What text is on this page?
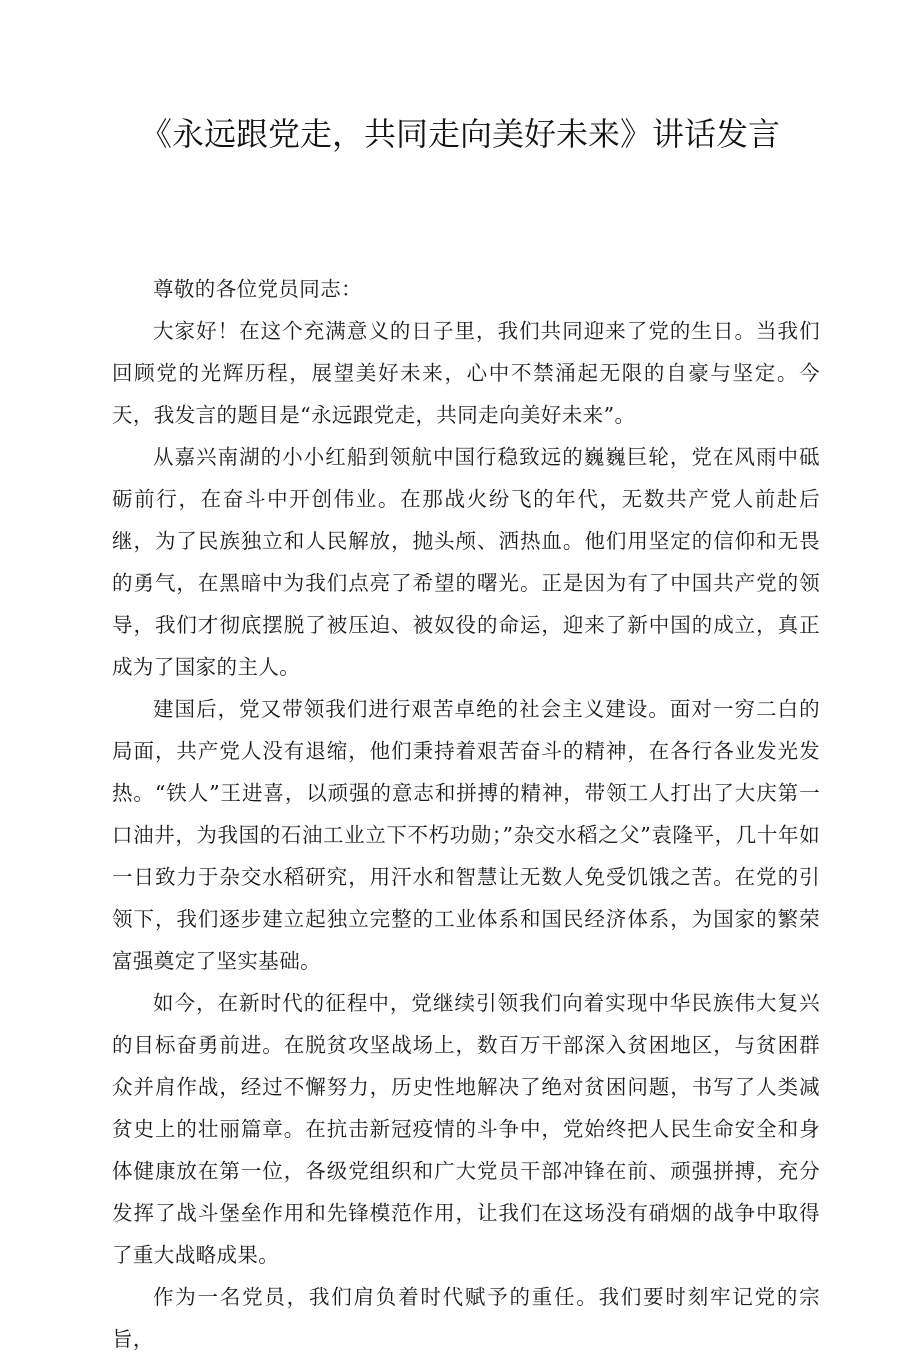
《永远跟党走，共同走向美好未来》讲话发言

尊敬的各位党员同志：

大家好！在这个充满意义的日子里，我们共同迎来了党的生日。当我们回顾党的光辉历程，展望美好未来，心中不禁涌起无限的自豪与坚定。今天，我发言的题目是“永远跟党走，共同走向美好未来”。

从嘉兴南湖的小小红船到领航中国行稳致远的巍巍巨轮，党在风雨中砥砺前行，在奋斗中开创伟业。在那战火纷飞的年代，无数共产党人前赴后继，为了民族独立和人民解放，抛头颅、洒热血。他们用坚定的信仰和无畏的勇气，在黑暗中为我们点亮了希望的曙光。正是因为有了中国共产党的领导，我们才彻底摆脱了被压迫、被奴役的命运，迎来了新中国的成立，真正成为了国家的主人。

建国后，党又带领我们进行艰苦卓绝的社会主义建设。面对一穷二白的局面，共产党人没有退缩，他们秉持着艰苦奋斗的精神，在各行各业发光发热。“铁人”王进喜，以顽强的意志和拼搏的精神，带领工人打出了大庆第一口油井，为我国的石油工业立下不朽功勋；”杂交水稻之父”袁隆平，几十年如一日致力于杂交水稻研究，用汗水和智慧让无数人免受饥饿之苦。在党的引领下，我们逐步建立起独立完整的工业体系和国民经济体系，为国家的繁荣富强奠定了坚实基础。

如今，在新时代的征程中，党继续引领我们向着实现中华民族伟大复兴的目标奋勇前进。在脱贫攻坚战场上，数百万干部深入贫困地区，与贫困群众并肩作战，经过不懈努力，历史性地解决了绝对贫困问题，书写了人类减贫史上的壮丽篇章。在抗击新冠疫情的斗争中，党始终把人民生命安全和身体健康放在第一位，各级党组织和广大党员干部冲锋在前、顽强拼搏，充分发挥了战斗堡垒作用和先锋模范作用，让我们在这场没有硝烟的战争中取得了重大战略成果。

作为一名党员，我们肩负着时代赋予的重任。我们要时刻牢记党的宗旨，
